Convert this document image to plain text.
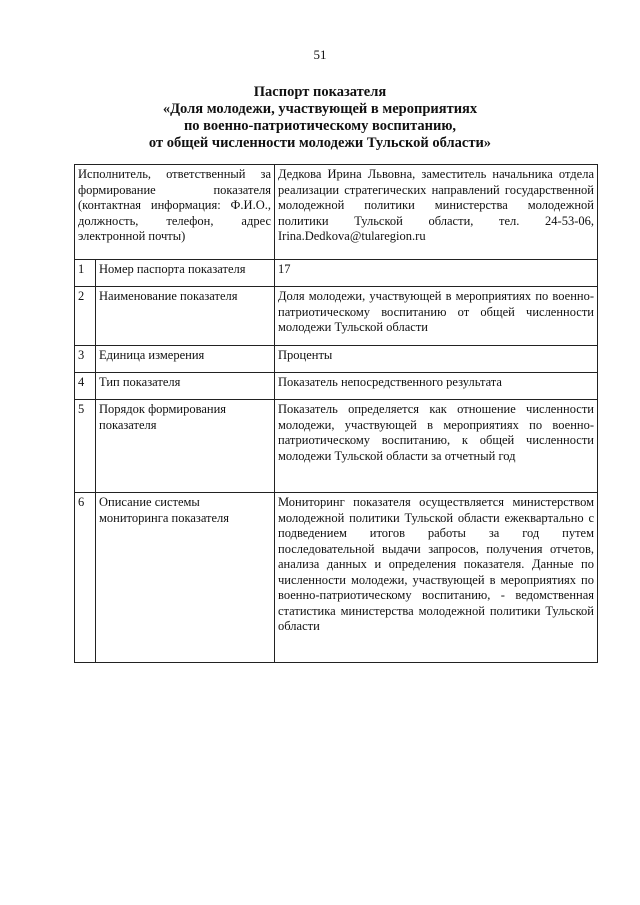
51
Паспорт показателя
«Доля молодежи, участвующей в мероприятиях
по военно-патриотическому воспитанию,
от общей численности молодежи Тульской области»
Исполнитель, ответственный за формирование показателя (контактная информация: Ф.И.О., должность, телефон, адрес электронной почты)		Дедкова Ирина Львовна, заместитель начальника отдела реализации стратегических направлений государственной молодежной политики министерства молодежной политики Тульской области, тел. 24-53-06, Irina.Dedkova@tularegion.ru
1	Номер паспорта показателя	17
2	Наименование показателя	Доля молодежи, участвующей в мероприятиях по военно-патриотическому воспитанию от общей численности молодежи Тульской области
3	Единица измерения	Проценты
4	Тип показателя	Показатель непосредственного результата
5	Порядок формирования показателя	Показатель определяется как отношение численности молодежи, участвующей в мероприятиях по военно-патриотическому воспитанию, к общей численности молодежи Тульской области за отчетный год
6	Описание системы мониторинга показателя	Мониторинг показателя осуществляется министерством молодежной политики Тульской области ежеквартально с подведением итогов работы за год путем последовательной выдачи запросов, получения отчетов, анализа данных и определения показателя. Данные по численности молодежи, участвующей в мероприятиях по военно-патриотическому воспитанию, - ведомственная статистика министерства молодежной политики Тульской области
